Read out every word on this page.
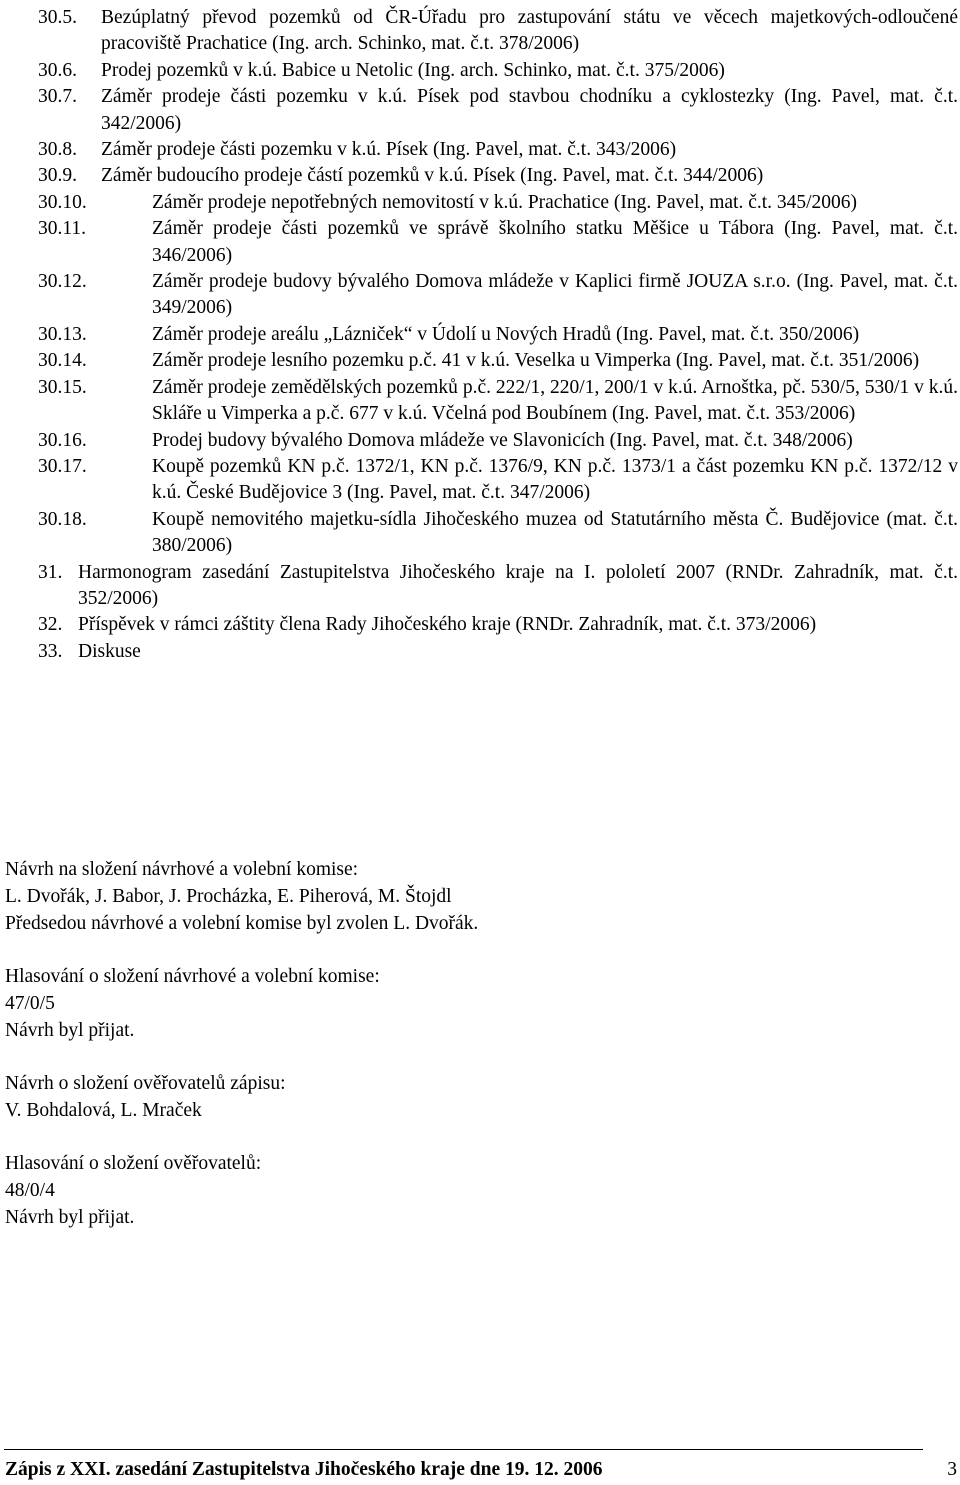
30.5.	Bezúplatný převod pozemků od ČR-Úřadu pro zastupování státu ve věcech majetkových-odloučené pracoviště Prachatice (Ing. arch. Schinko, mat. č.t. 378/2006)
30.6.	Prodej pozemků v k.ú. Babice u Netolic (Ing. arch. Schinko, mat. č.t. 375/2006)
30.7.	Záměr prodeje části pozemku v k.ú. Písek pod stavbou chodníku a cyklostezky (Ing. Pavel, mat. č.t. 342/2006)
30.8.	Záměr prodeje části pozemku v k.ú. Písek (Ing. Pavel, mat. č.t. 343/2006)
30.9.	Záměr budoucího prodeje částí pozemků v k.ú. Písek (Ing. Pavel, mat. č.t. 344/2006)
30.10.	Záměr prodeje nepotřebných nemovitostí v k.ú. Prachatice (Ing. Pavel, mat. č.t. 345/2006)
30.11.	Záměr prodeje části pozemků ve správě školního statku Měšice u Tábora (Ing. Pavel, mat. č.t. 346/2006)
30.12.	Záměr prodeje budovy bývalého Domova mládeže v Kaplici firmě JOUZA s.r.o. (Ing. Pavel, mat. č.t. 349/2006)
30.13.	Záměr prodeje areálu „Lázniček“ v Údolí u Nových Hradů (Ing. Pavel, mat. č.t. 350/2006)
30.14.	Záměr prodeje lesního pozemku p.č. 41 v k.ú. Veselka u Vimperka (Ing. Pavel, mat. č.t. 351/2006)
30.15.	Záměr prodeje zemědělských pozemků p.č. 222/1, 220/1, 200/1 v k.ú. Arnoštka, pč. 530/5, 530/1 v k.ú. Skláře u Vimperka a p.č. 677 v k.ú. Včelná pod Boubínem (Ing. Pavel, mat. č.t. 353/2006)
30.16.	Prodej budovy bývalého Domova mládeže ve Slavonicích (Ing. Pavel, mat. č.t. 348/2006)
30.17.	Koupě pozemků KN p.č. 1372/1, KN p.č. 1376/9, KN p.č. 1373/1 a část pozemku KN p.č. 1372/12 v k.ú. České Budějovice 3 (Ing. Pavel, mat. č.t. 347/2006)
30.18.	Koupě nemovitého majetku-sídla Jihočeského muzea od Statutárního města Č. Budějovice (mat. č.t. 380/2006)
31. Harmonogram zasedání Zastupitelstva Jihočeského kraje na I. pololetí 2007 (RNDr. Zahradník, mat. č.t. 352/2006)
32. Příspěvek v rámci záštity člena Rady Jihočeského kraje (RNDr. Zahradník, mat. č.t. 373/2006)
33. Diskuse
Návrh na složení návrhové a volební komise:
L. Dvořák, J. Babor, J. Procházka, E. Piherová, M. Štojdl
Předsedou návrhové a volební komise byl zvolen L. Dvořák.
Hlasování o složení návrhové a volební komise:
47/0/5
Návrh byl přijat.
Návrh o složení ověřovatelů zápisu:
V. Bohdalová, L. Mraček
Hlasování o složení ověřovatelů:
48/0/4
Návrh byl přijat.
Zápis z XXI. zasedání Zastupitelstva Jihočeského kraje dne 19. 12. 2006	3
